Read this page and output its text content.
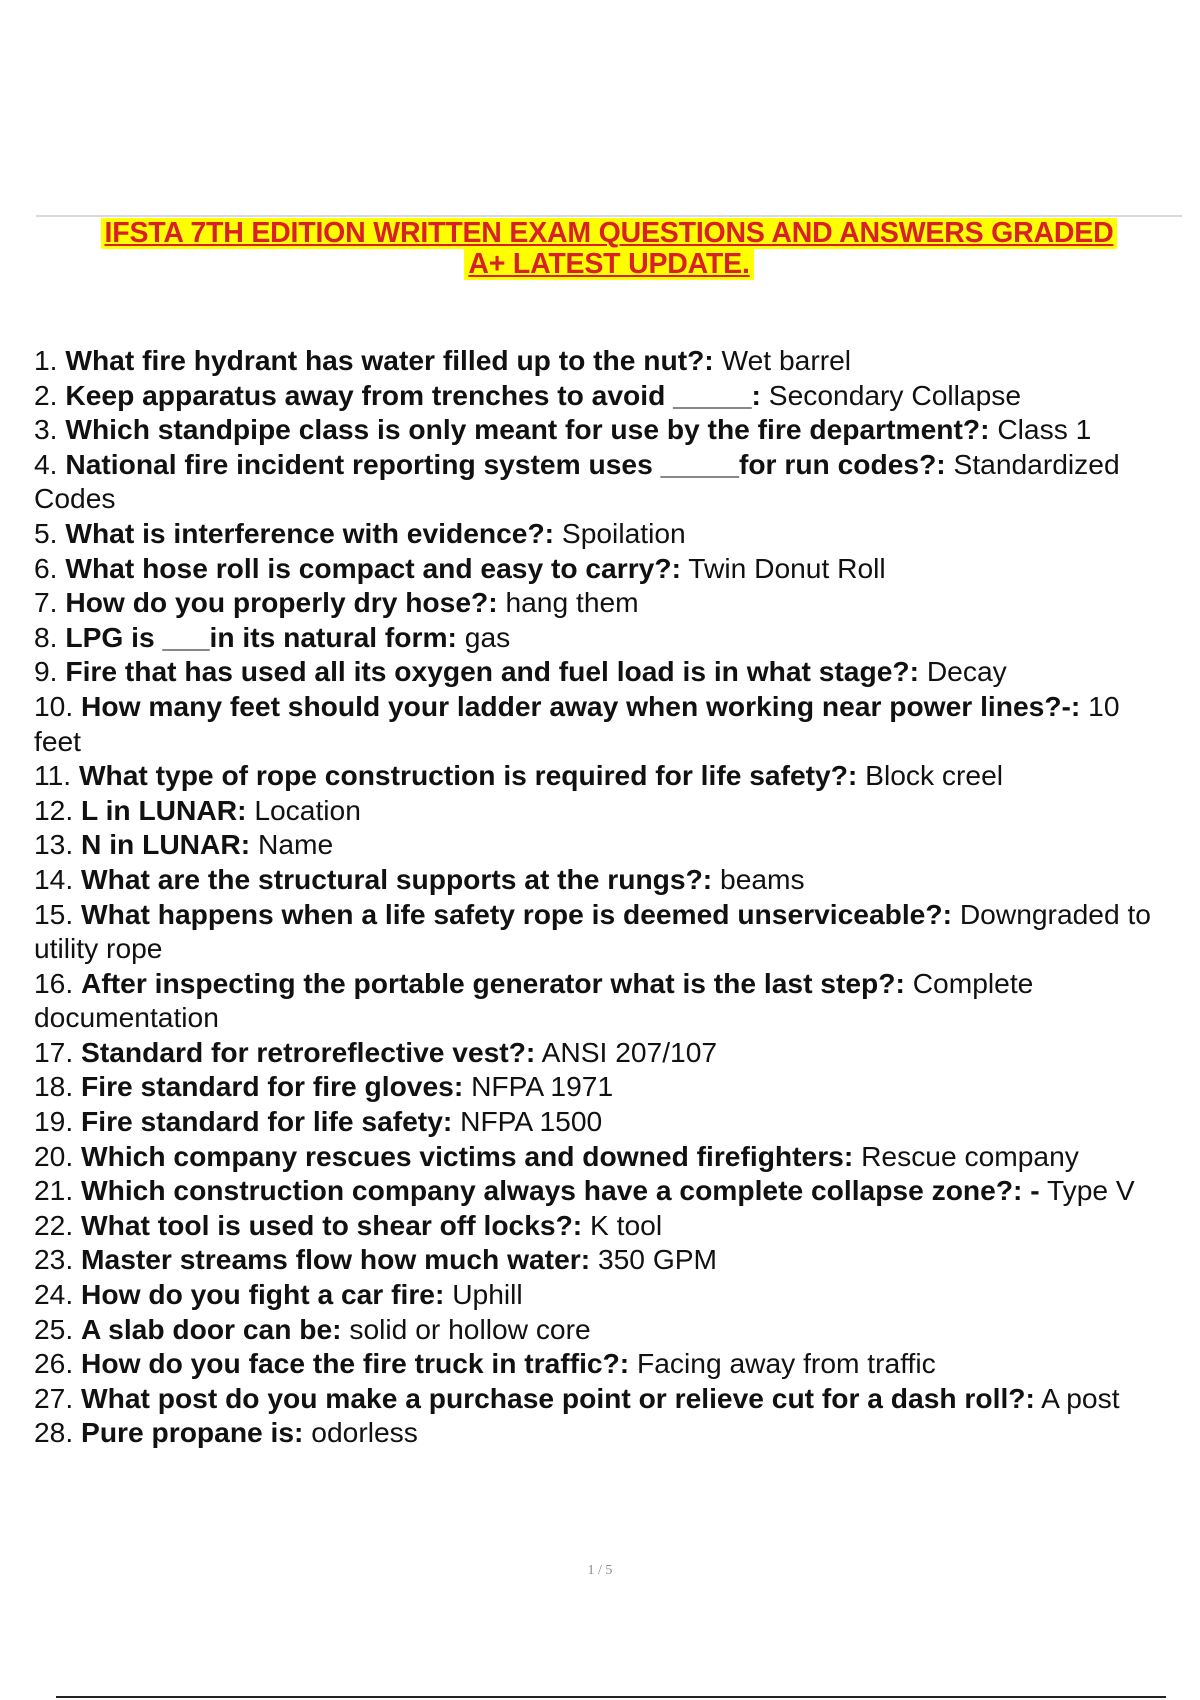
IFSTA 7TH EDITION WRITTEN EXAM QUESTIONS AND ANSWERS GRADED
A+ LATEST UPDATE.
1. What fire hydrant has water filled up to the nut?: Wet barrel
2. Keep apparatus away from trenches to avoid _____: Secondary Collapse
3. Which standpipe class is only meant for use by the fire department?: Class 1
4. National fire incident reporting system uses _____for run codes?: Standardized Codes
5. What is interference with evidence?: Spoilation
6. What hose roll is compact and easy to carry?: Twin Donut Roll
7. How do you properly dry hose?: hang them
8. LPG is ___in its natural form: gas
9. Fire that has used all its oxygen and fuel load is in what stage?: Decay
10. How many feet should your ladder away when working near power lines?-: 10 feet
11. What type of rope construction is required for life safety?: Block creel
12. L in LUNAR: Location
13. N in LUNAR: Name
14. What are the structural supports at the rungs?: beams
15. What happens when a life safety rope is deemed unserviceable?: Downgraded to utility rope
16. After inspecting the portable generator what is the last step?: Complete documentation
17. Standard for retroreflective vest?: ANSI 207/107
18. Fire standard for fire gloves: NFPA 1971
19. Fire standard for life safety: NFPA 1500
20. Which company rescues victims and downed firefighters: Rescue company
21. Which construction company always have a complete collapse zone?: - Type V
22. What tool is used to shear off locks?: K tool
23. Master streams flow how much water: 350 GPM
24. How do you fight a car fire: Uphill
25. A slab door can be: solid or hollow core
26. How do you face the fire truck in traffic?: Facing away from traffic
27. What post do you make a purchase point or relieve cut for a dash roll?: A post
28. Pure propane is: odorless
1 / 5
